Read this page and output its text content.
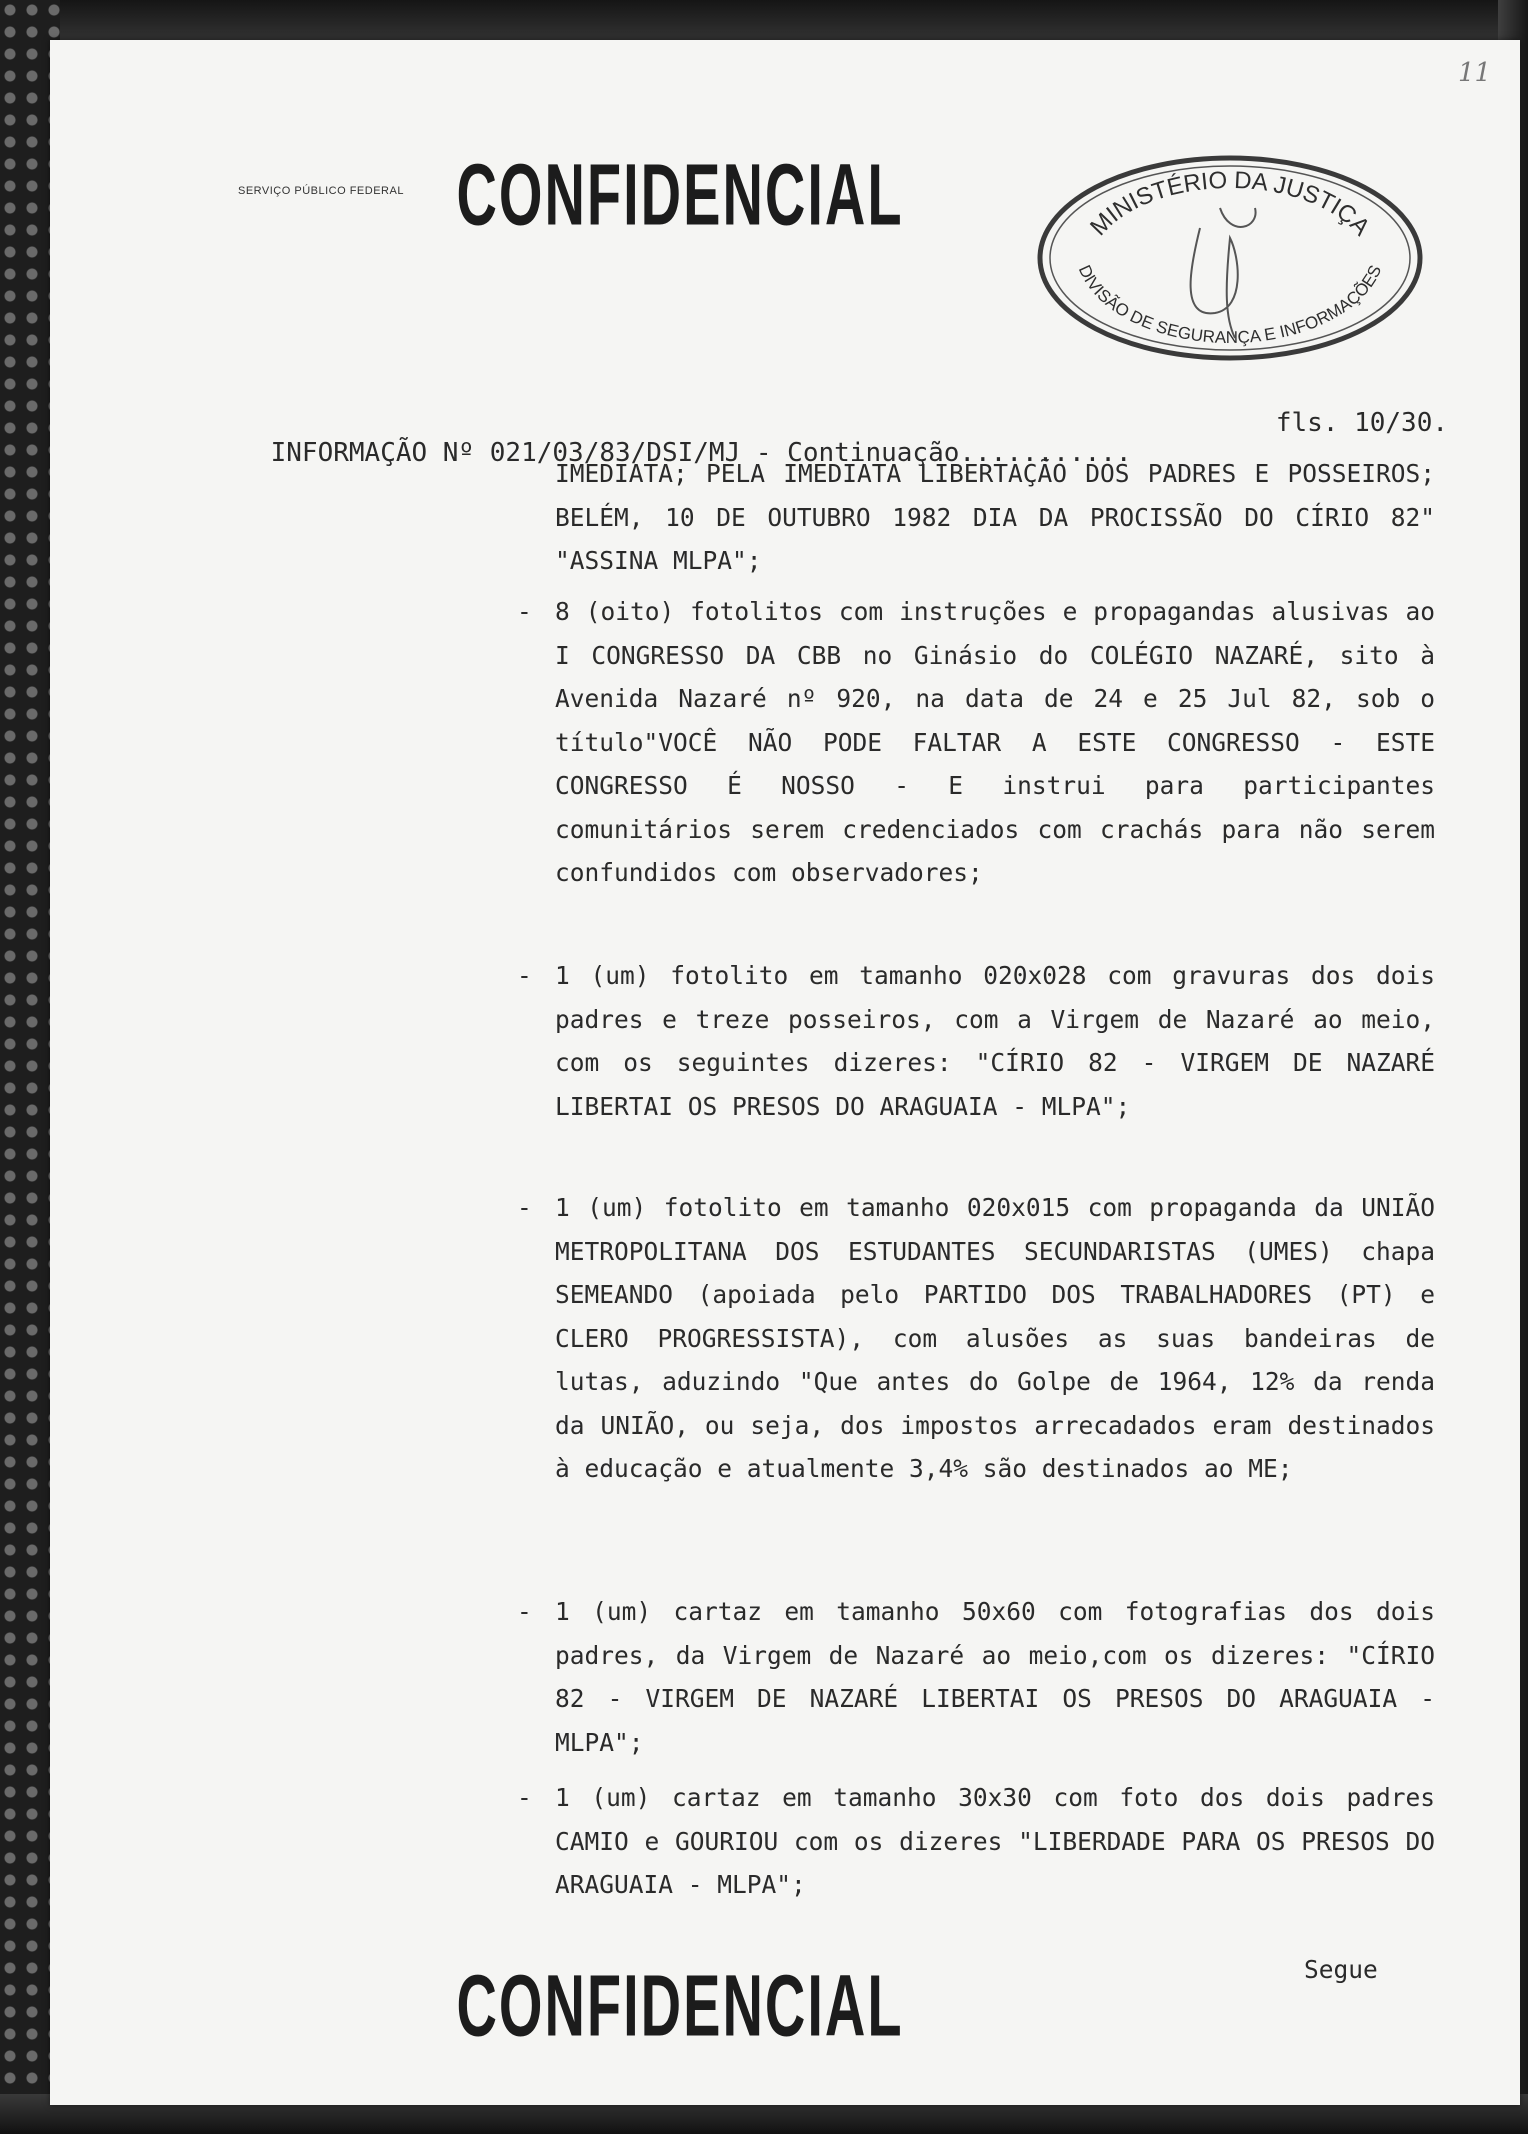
11
SERVIÇO PÚBLICO FEDERAL CONFIDENCIAL	MINISTÉRIO DA JUSTIÇA
DIVISÃO DE SEGURANÇA E INFORMAÇÕES

INFORMAÇÃO Nº 021/03/83/DSI/MJ - Continuação...........

fls. 10/30.

IMEDIATA; PELA IMEDIATA LIBERTAÇÃO DOS PADRES E POSSEIROS; BELÉM, 10 DE OUTUBRO 1982 DIA DA PROCISSÃO DO CÍRIO 82" "ASSINA MLPA";
- 8 (oito) fotolitos com instruções e propagandas alusivas ao I CONGRESSO DA CBB no Ginásio do COLÉGIO NAZARÉ, sito à Avenida Nazaré nº 920, na data de 24 e 25 Jul 82, sob o título"VOCÊ NÃO PODE FALTAR A ESTE CONGRESSO - ESTE CONGRESSO É NOSSO - E instrui para participantes comunitários serem credenciados com crachás para não serem confundidos com observadores;
- 1 (um) fotolito em tamanho 020x028 com gravuras dos dois padres e treze posseiros, com a Virgem de Nazaré ao meio, com os seguintes dizeres: "CÍRIO 82 - VIRGEM DE NAZARÉ LIBERTAI OS PRESOS DO ARAGUAIA - MLPA";
- 1 (um) fotolito em tamanho 020x015 com propaganda da UNIÃO METROPOLITANA DOS ESTUDANTES SECUNDARISTAS (UMES) chapa SEMEANDO (apoiada pelo PARTIDO DOS TRABALHADORES (PT) e CLERO PROGRESSISTA), com alusões as suas bandeiras de lutas, aduzindo "Que antes do Golpe de 1964, 12% da renda da UNIÃO, ou seja, dos impostos arrecadados eram destinados à educação e atualmente 3,4% são destinados ao ME;
- 1 (um) cartaz em tamanho 50x60 com fotografias dos dois padres, da Virgem de Nazaré ao meio,com os dizeres: "CÍRIO 82 - VIRGEM DE NAZARÉ LIBERTAI OS PRESOS DO ARAGUAIA - MLPA";
- 1 (um) cartaz em tamanho 30x30 com foto dos dois padres CAMIO e GOURIOU com os dizeres "LIBERDADE PARA OS PRESOS DO ARAGUAIA - MLPA";
Segue
CONFIDENCIAL
